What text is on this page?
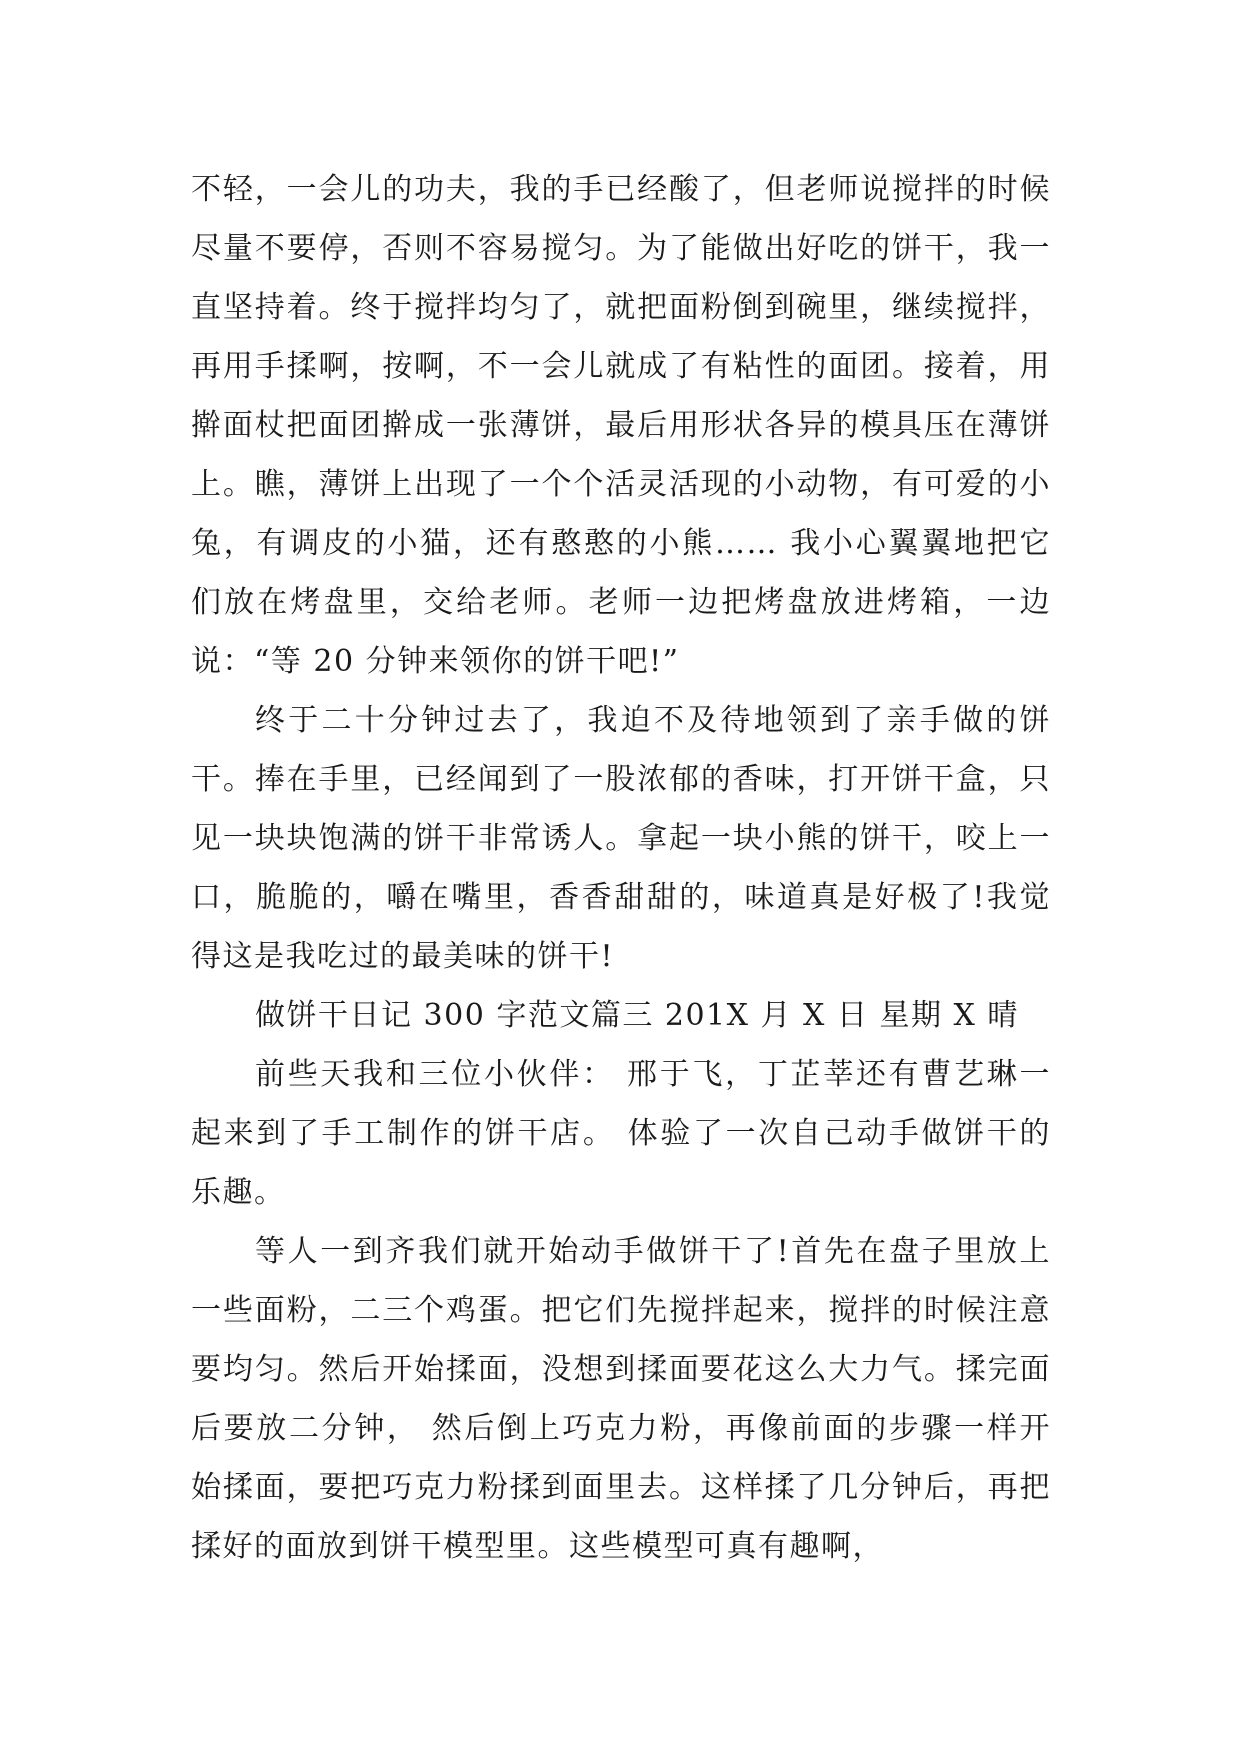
不轻，一会儿的功夫，我的手已经酸了，但老师说搅拌的时候尽量不要停，否则不容易搅匀。为了能做出好吃的饼干，我一直坚持着。终于搅拌均匀了，就把面粉倒到碗里，继续搅拌，再用手揉啊，按啊，不一会儿就成了有粘性的面团。接着，用擀面杖把面团擀成一张薄饼，最后用形状各异的模具压在薄饼上。瞧，薄饼上出现了一个个活灵活现的小动物，有可爱的小兔，有调皮的小猫，还有憨憨的小熊…… 我小心翼翼地把它们放在烤盘里，交给老师。老师一边把烤盘放进烤箱，一边说：“等 20 分钟来领你的饼干吧!”

终于二十分钟过去了，我迫不及待地领到了亲手做的饼干。捧在手里，已经闻到了一股浓郁的香味，打开饼干盒，只见一块块饱满的饼干非常诱人。拿起一块小熊的饼干，咬上一口，脆脆的，嚼在嘴里，香香甜甜的，味道真是好极了!我觉得这是我吃过的最美味的饼干!

做饼干日记 300 字范文篇三 201X 月 X 日 星期 X 晴

前些天我和三位小伙伴： 邢于飞，丁芷莘还有曹艺琳一起来到了手工制作的饼干店。 体验了一次自己动手做饼干的乐趣。

等人一到齐我们就开始动手做饼干了!首先在盘子里放上一些面粉，二三个鸡蛋。把它们先搅拌起来，搅拌的时候注意要均匀。然后开始揉面，没想到揉面要花这么大力气。揉完面后要放二分钟， 然后倒上巧克力粉，再像前面的步骤一样开始揉面，要把巧克力粉揉到面里去。这样揉了几分钟后，再把揉好的面放到饼干模型里。这些模型可真有趣啊，
